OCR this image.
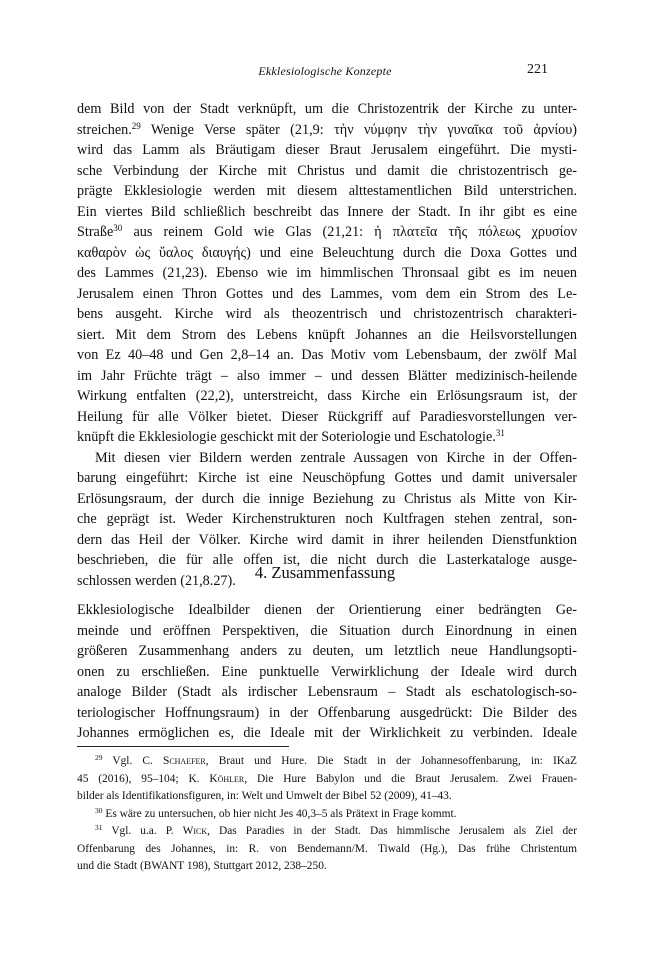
Ekklesiologische Konzepte	221
dem Bild von der Stadt verknüpft, um die Christozentrik der Kirche zu unter-
streichen.$^{29}$ Wenige Verse später (21,9: τὴν νύμφην τὴν γυναῖκα τοῦ ἀρνίου)
wird das Lamm als Bräutigam dieser Braut Jerusalem eingeführt. Die mysti-
sche Verbindung der Kirche mit Christus und damit die christozentrisch ge-
prägte Ekklesiologie werden mit diesem alttestamentlichen Bild unterstrichen.
Ein viertes Bild schließlich beschreibt das Innere der Stadt. In ihr gibt es eine
Straße$^{30}$ aus reinem Gold wie Glas (21,21: ἡ πλατεῖα τῆς πόλεως χρυσίον
καθαρὸν ὡς ὕαλος διαυγής) und eine Beleuchtung durch die Doxa Gottes und
des Lammes (21,23). Ebenso wie im himmlischen Thronsaal gibt es im neuen
Jerusalem einen Thron Gottes und des Lammes, vom dem ein Strom des Le-
bens ausgeht. Kirche wird als theozentrisch und christozentrisch charakteri-
siert. Mit dem Strom des Lebens knüpft Johannes an die Heilsvorstellungen
von Ez 40–48 und Gen 2,8–14 an. Das Motiv vom Lebensbaum, der zwölf Mal
im Jahr Früchte trägt – also immer – und dessen Blätter medizinisch-heilende
Wirkung entfalten (22,2), unterstreicht, dass Kirche ein Erlösungsraum ist, der
Heilung für alle Völker bietet. Dieser Rückgriff auf Paradiesvorstellungen ver-
knüpft die Ekklesiologie geschickt mit der Soteriologie und Eschatologie.$^{31}$
Mit diesen vier Bildern werden zentrale Aussagen von Kirche in der Offen-
barung eingeführt: Kirche ist eine Neuschöpfung Gottes und damit universaler
Erlösungsraum, der durch die innige Beziehung zu Christus als Mitte von Kir-
che geprägt ist. Weder Kirchenstrukturen noch Kultfragen stehen zentral, son-
dern das Heil der Völker. Kirche wird damit in ihrer heilenden Dienstfunktion
beschrieben, die für alle offen ist, die nicht durch die Lasterkataloge ausge-
schlossen werden (21,8.27).	4. Zusammenfassung
Ekklesiologische Idealbilder dienen der Orientierung einer bedrängten Ge-
meinde und eröffnen Perspektiven, die Situation durch Einordnung in einen
größeren Zusammenhang anders zu deuten, um letztlich neue Handlungsopti-
onen zu erschließen. Eine punktuelle Verwirklichung der Ideale wird durch
analoge Bilder (Stadt als irdischer Lebensraum – Stadt als eschatologisch-so-
teriologischer Hoffnungsraum) in der Offenbarung ausgedrückt: Die Bilder des
Johannes ermöglichen es, die Ideale mit der Wirklichkeit zu verbinden. Ideale
$^{29}$ Vgl. C. Schaefer, Braut und Hure. Die Stadt in der Johannesoffenbarung, in: IKaZ
45 (2016), 95–104; K. Köhler, Die Hure Babylon und die Braut Jerusalem. Zwei Frauen-
bilder als Identifikationsfiguren, in: Welt und Umwelt der Bibel 52 (2009), 41–43.
$^{30}$ Es wäre zu untersuchen, ob hier nicht Jes 40,3–5 als Prätext in Frage kommt.
$^{31}$ Vgl. u.a. P. Wick, Das Paradies in der Stadt. Das himmlische Jerusalem als Ziel der
Offenbarung des Johannes, in: R. von Bendemann/M. Tiwald (Hg.), Das frühe Christentum
und die Stadt (BWANT 198), Stuttgart 2012, 238–250.
